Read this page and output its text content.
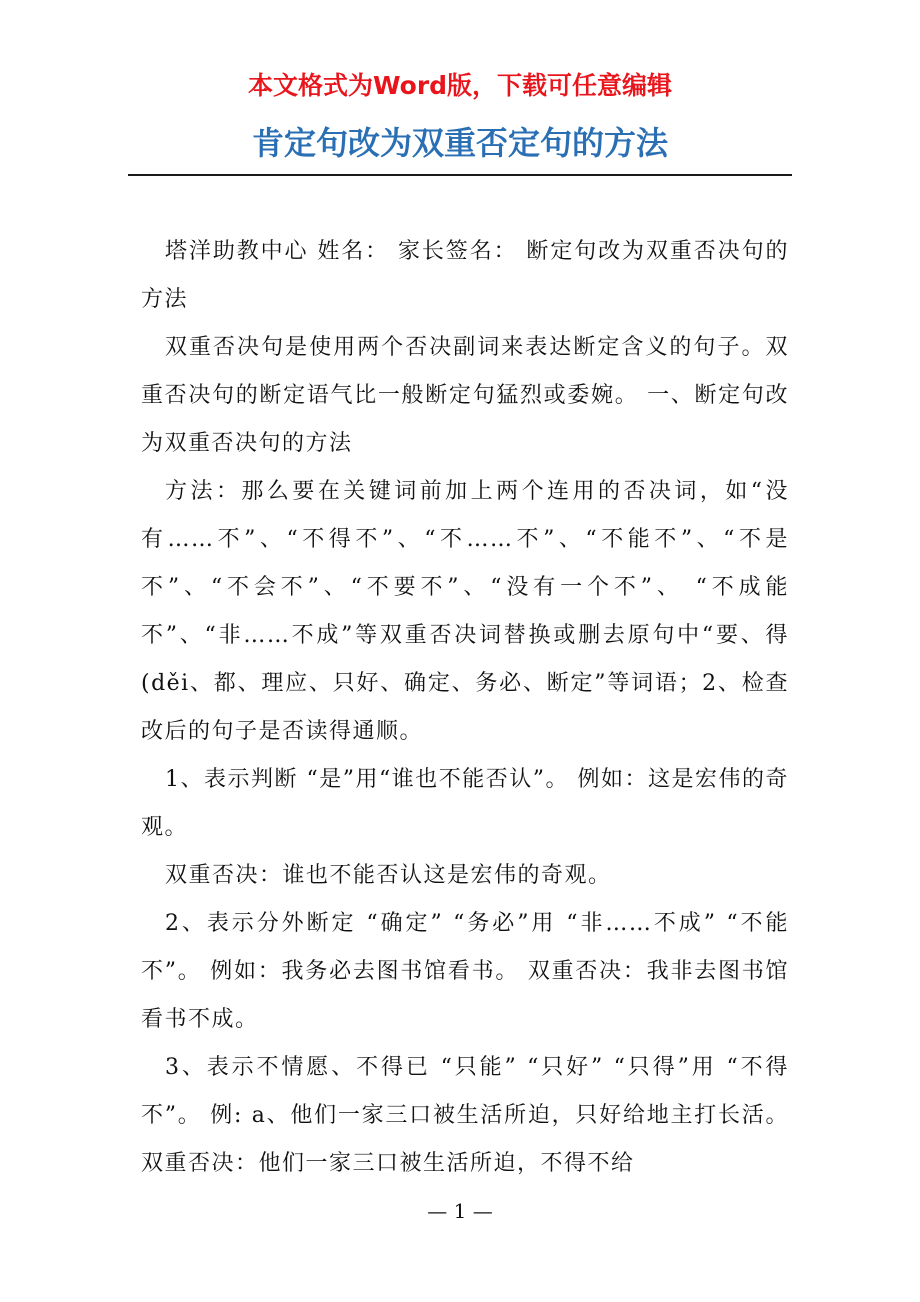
本文格式为Word版，下载可任意编辑
肯定句改为双重否定句的方法

塔洋助教中心 姓名： 家长签名： 断定句改为双重否决句的方法

双重否决句是使用两个否决副词来表达断定含义的句子。双重否决句的断定语气比一般断定句猛烈或委婉。 一、断定句改为双重否决句的方法

方法：那么要在关键词前加上两个连用的否决词，如“没有……不”、“不得不”、“不……不”、“不能不”、“不是不”、“不会不”、“不要不”、“没有一个不”、 “不成能不”、“非……不成”等双重否决词替换或删去原句中“要、得(děi、都、理应、只好、确定、务必、断定”等词语；2、检查改后的句子是否读得通顺。

1、表示判断 “是”用“谁也不能否认”。 例如：这是宏伟的奇观。

双重否决：谁也不能否认这是宏伟的奇观。

2、表示分外断定 “确定” “务必”用 “非……不成” “不能不”。 例如：我务必去图书馆看书。 双重否决：我非去图书馆看书不成。

3、表示不情愿、不得已 “只能” “只好” “只得”用 “不得不”。 例: a、他们一家三口被生活所迫，只好给地主打长活。 双重否决：他们一家三口被生活所迫，不得不给

— 1 —
